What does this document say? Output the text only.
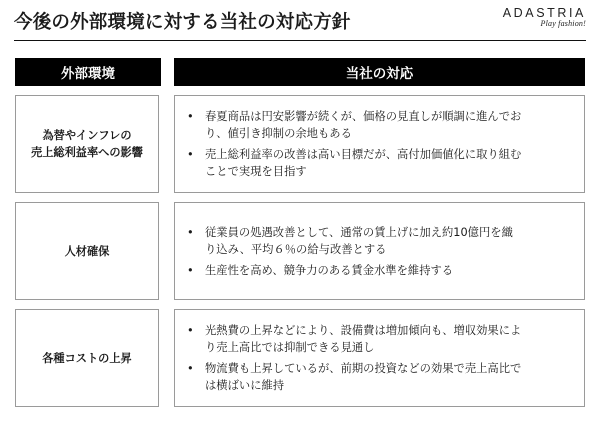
今後の外部環境に対する当社の対応方針	ADASTRIA
Play fashion!
外部環境	当社の対応
為替やインフレの
売上総利益率への影響
•	春夏商品は円安影響が続くが、価格の見直しが順調に進んでお
り、値引き抑制の余地もある
•	売上総利益率の改善は高い目標だが、高付加価値化に取り組む
ことで実現を目指す
人材確保
•	従業員の処遇改善として、通常の賃上げに加え約10億円を織
り込み、平均６％の給与改善とする
•	生産性を高め、競争力のある賃金水準を維持する
各種コストの上昇
•	光熱費の上昇などにより、設備費は増加傾向も、増収効果によ
り売上高比では抑制できる見通し
•	物流費も上昇しているが、前期の投資などの効果で売上高比で
は横ばいに維持
